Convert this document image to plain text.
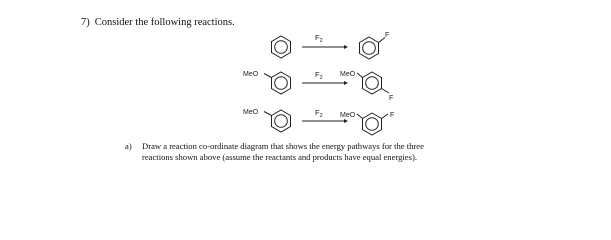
7) Consider the following reactions.
$F_2$
$F_2$
$F_2$
F
MeO	MeO
F
MeO	MeO	F
a) Draw a reaction co-ordinate diagram that shows the energy pathways for the three
reactions shown above (assume the reactants and products have equal energies).
